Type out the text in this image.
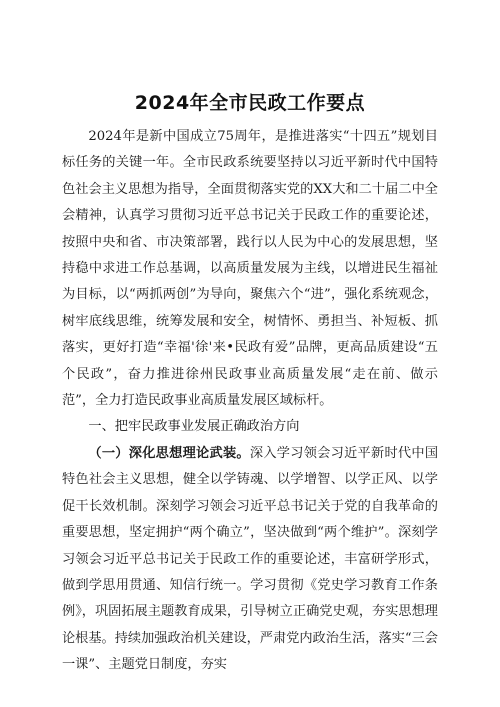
2024年全市民政工作要点

2024年是新中国成立75周年，是推进落实“十四五”规划目标任务的关键一年。全市民政系统要坚持以习近平新时代中国特色社会主义思想为指导，全面贯彻落实党的XX大和二十届二中全会精神，认真学习贯彻习近平总书记关于民政工作的重要论述，按照中央和省、市决策部署，践行以人民为中心的发展思想，坚持稳中求进工作总基调，以高质量发展为主线，以增进民生福祉为目标，以“两抓两创”为导向，聚焦六个“进”，强化系统观念，树牢底线思维，统筹发展和安全，树情怀、勇担当、补短板、抓落实，更好打造“幸福'徐'来•民政有爱”品牌，更高品质建设“五个民政”，奋力推进徐州民政事业高质量发展“走在前、做示范”，全力打造民政事业高质量发展区域标杆。

一、把牢民政事业发展正确政治方向

（一）深化思想理论武装。深入学习领会习近平新时代中国特色社会主义思想，健全以学铸魂、以学增智、以学正风、以学促干长效机制。深刻学习领会习近平总书记关于党的自我革命的重要思想，坚定拥护“两个确立”，坚决做到“两个维护”。深刻学习领会习近平总书记关于民政工作的重要论述，丰富研学形式，做到学思用贯通、知信行统一。学习贯彻《党史学习教育工作条例》，巩固拓展主题教育成果，引导树立正确党史观，夯实思想理论根基。持续加强政治机关建设，严肃党内政治生活，落实“三会一课”、主题党日制度，夯实
